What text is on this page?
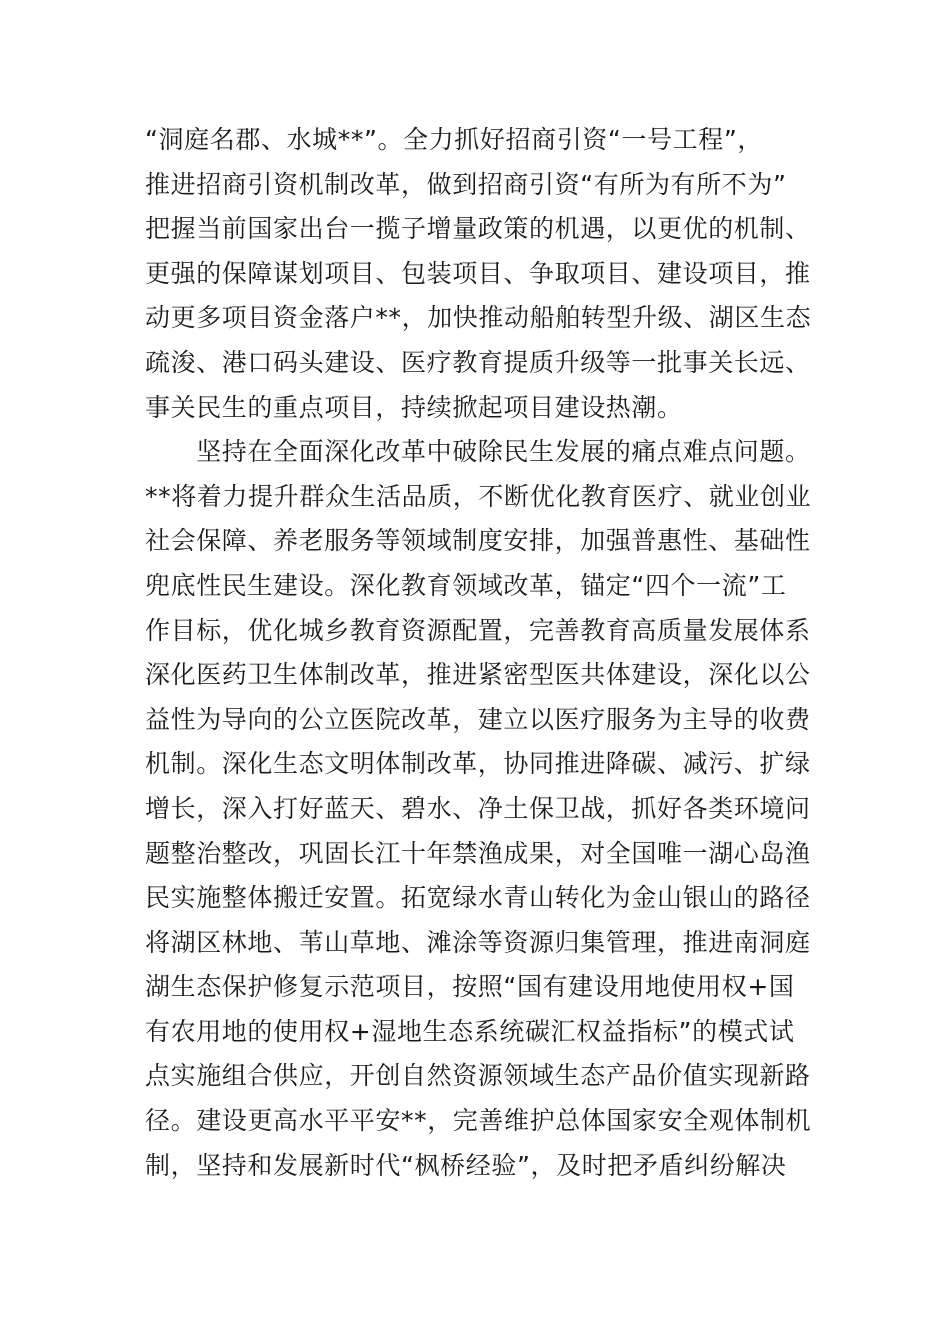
“洞庭名郡、水城**”。全力抓好招商引资“一号工程”，
推进招商引资机制改革，做到招商引资“有所为有所不为”
把握当前国家出台一揽子增量政策的机遇，以更优的机制、
更强的保障谋划项目、包装项目、争取项目、建设项目，推
动更多项目资金落户**，加快推动船舶转型升级、湖区生态
疏浚、港口码头建设、医疗教育提质升级等一批事关长远、
事关民生的重点项目，持续掀起项目建设热潮。
　　坚持在全面深化改革中破除民生发展的痛点难点问题。
**将着力提升群众生活品质，不断优化教育医疗、就业创业
社会保障、养老服务等领域制度安排，加强普惠性、基础性
兜底性民生建设。深化教育领域改革，锚定“四个一流”工
作目标，优化城乡教育资源配置，完善教育高质量发展体系
深化医药卫生体制改革，推进紧密型医共体建设，深化以公
益性为导向的公立医院改革，建立以医疗服务为主导的收费
机制。深化生态文明体制改革，协同推进降碳、减污、扩绿
增长，深入打好蓝天、碧水、净土保卫战，抓好各类环境问
题整治整改，巩固长江十年禁渔成果，对全国唯一湖心岛渔
民实施整体搬迁安置。拓宽绿水青山转化为金山银山的路径
将湖区林地、苇山草地、滩涂等资源归集管理，推进南洞庭
湖生态保护修复示范项目，按照“国有建设用地使用权+国
有农用地的使用权+湿地生态系统碳汇权益指标”的模式试
点实施组合供应，开创自然资源领域生态产品价值实现新路
径。建设更高水平平安**，完善维护总体国家安全观体制机
制，坚持和发展新时代“枫桥经验”，及时把矛盾纠纷解决
